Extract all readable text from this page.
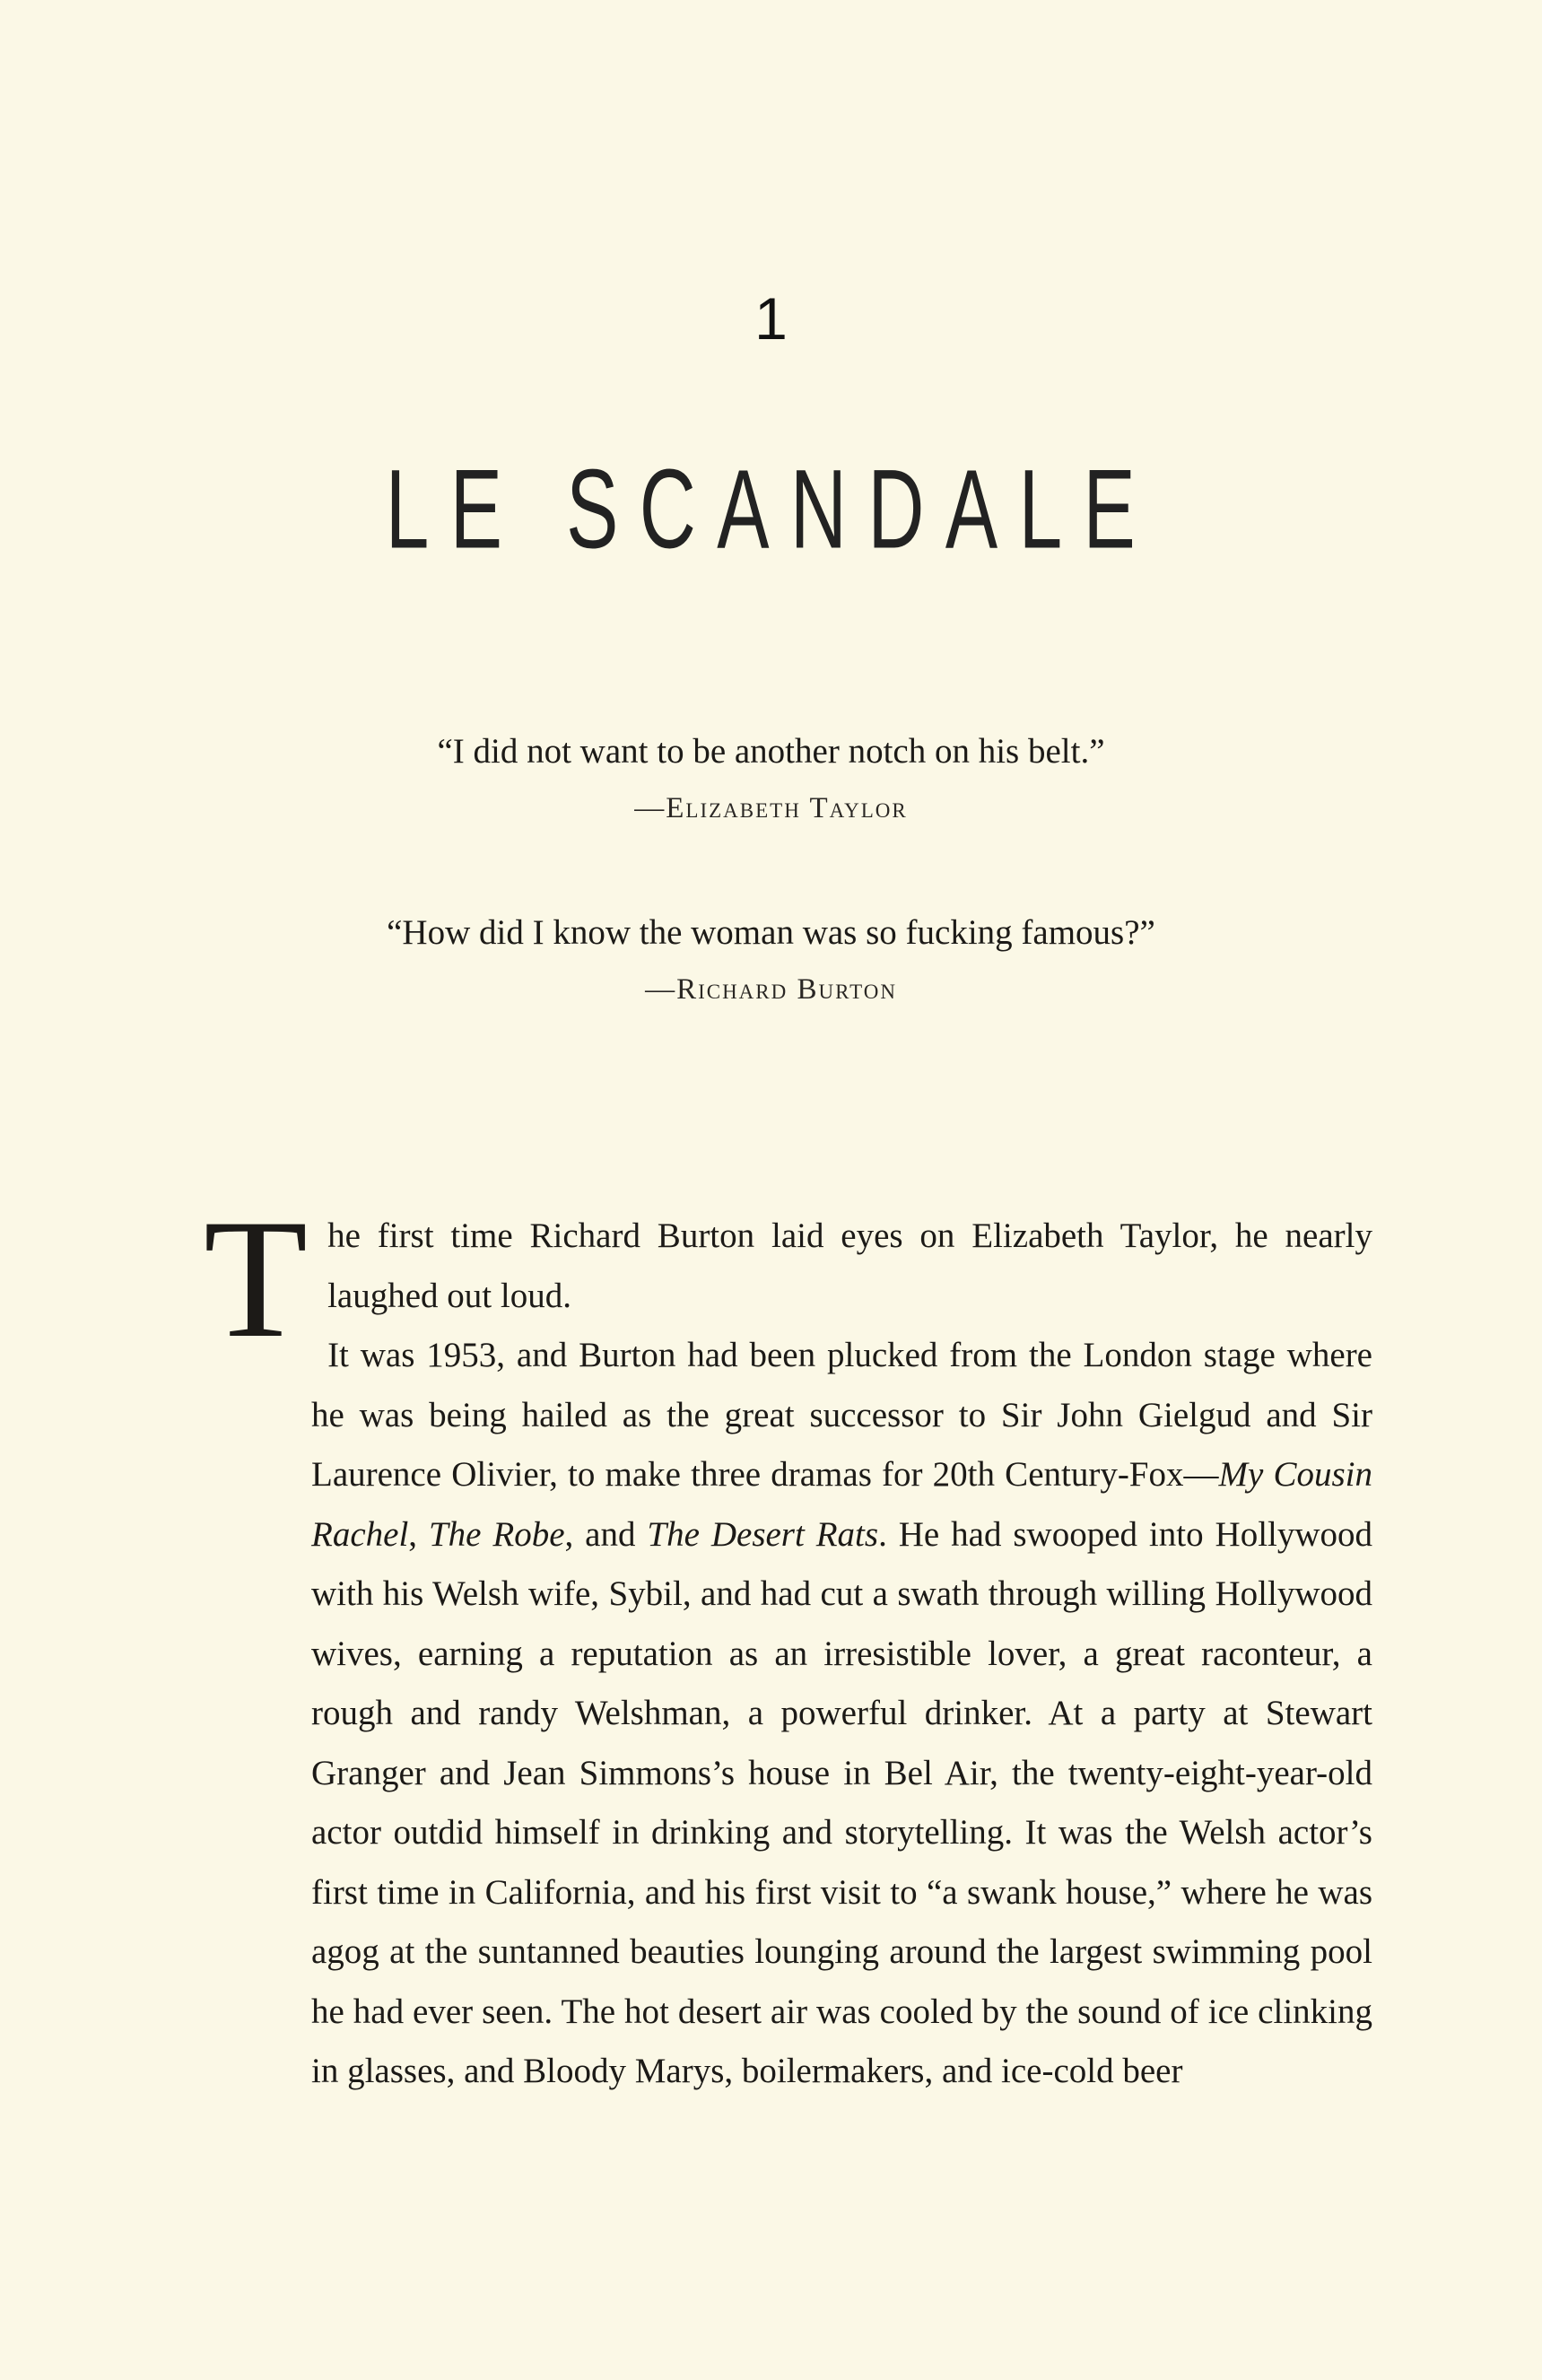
1
LE SCANDALE
“I did not want to be another notch on his belt.”
—Elizabeth Taylor
“How did I know the woman was so fucking famous?”
—Richard Burton

The first time Richard Burton laid eyes on Elizabeth Taylor, he nearly laughed out loud.

It was 1953, and Burton had been plucked from the London stage where he was being hailed as the great successor to Sir John Gielgud and Sir Laurence Olivier, to make three dramas for 20th Century-Fox—My Cousin Rachel, The Robe, and The Desert Rats. He had swooped into Hollywood with his Welsh wife, Sybil, and had cut a swath through willing Hollywood wives, earning a reputation as an irresistible lover, a great raconteur, a rough and randy Welshman, a powerful drinker. At a party at Stewart Granger and Jean Simmons’s house in Bel Air, the twenty-eight-year-old actor outdid himself in drinking and storytelling. It was the Welsh actor’s first time in California, and his first visit to “a swank house,” where he was agog at the suntanned beauties lounging around the largest swimming pool he had ever seen. The hot desert air was cooled by the sound of ice clinking in glasses, and Bloody Marys, boilermakers, and ice-cold beer
